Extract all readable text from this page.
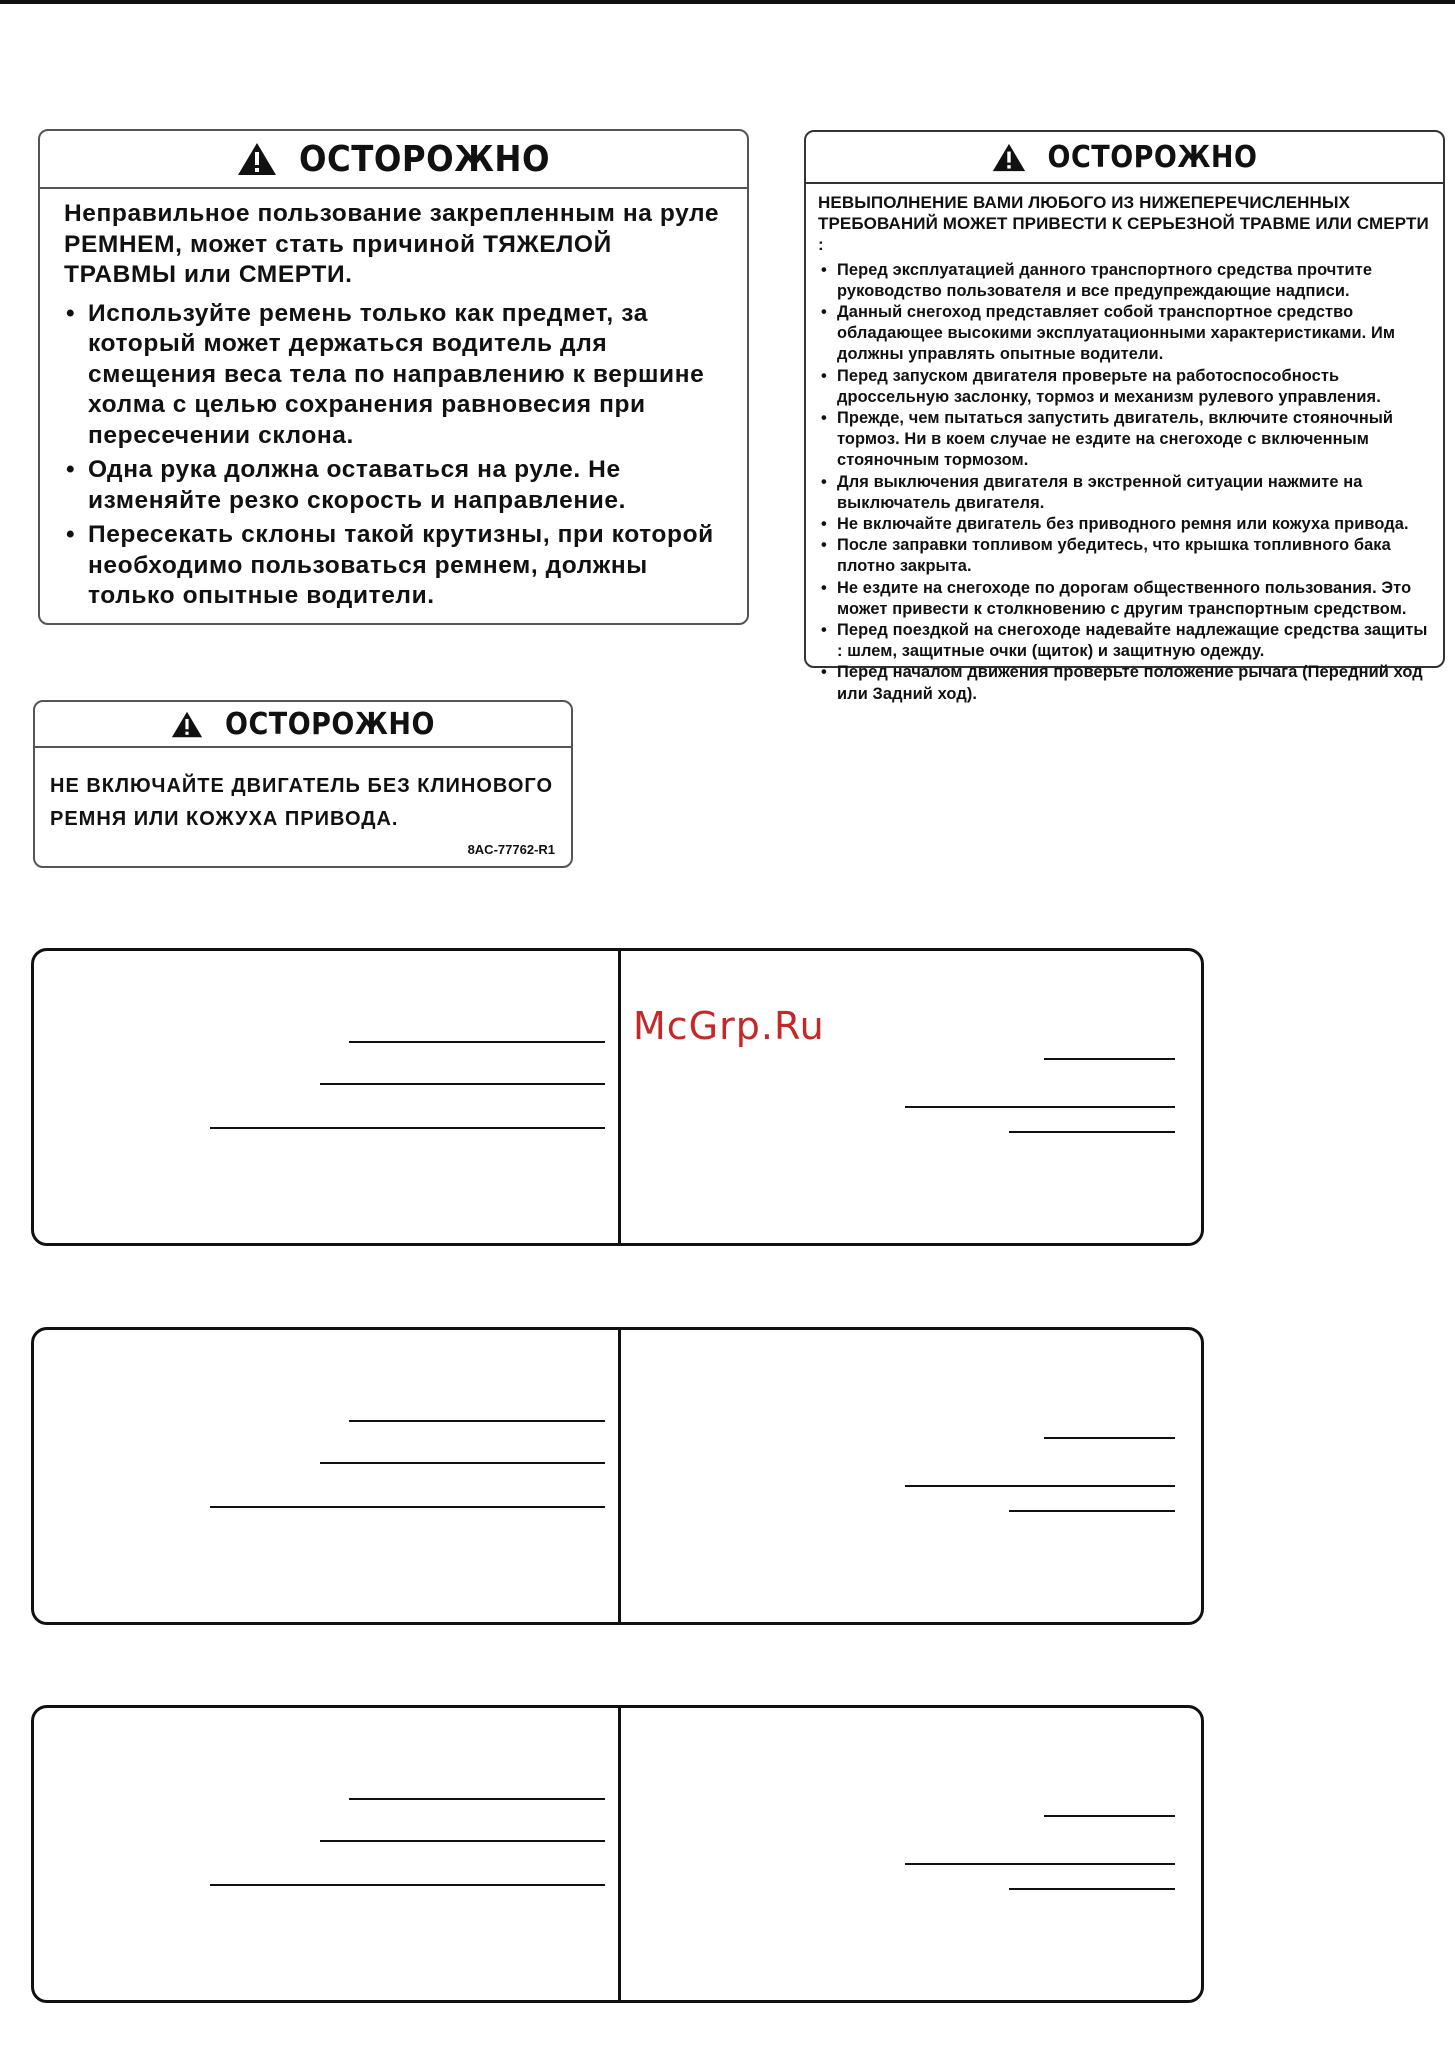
ОСТОРОЖНО
Неправильное пользование закрепленным на руле РЕМНЕМ, может стать причиной ТЯЖЕЛОЙ ТРАВМЫ или СМЕРТИ.
• Используйте ремень только как предмет, за который может держаться водитель для смещения веса тела по направлению к вершине холма с целью сохранения равновесия при пересечении склона.
• Одна рука должна оставаться на руле. Не изменяйте резко скорость и направление.
• Пересекать склоны такой крутизны, при которой необходимо пользоваться ремнем, должны только опытные водители.
ОСТОРОЖНО
НЕВЫПОЛНЕНИЕ ВАМИ ЛЮБОГО ИЗ НИЖЕПЕРЕЧИСЛЕННЫХ ТРЕБОВАНИЙ МОЖЕТ ПРИВЕСТИ К СЕРЬЕЗНОЙ ТРАВМЕ ИЛИ СМЕРТИ :
• Перед эксплуатацией данного транспортного средства прочтите руководство пользователя и все предупреждающие надписи.
• Данный снегоход представляет собой транспортное средство обладающее высокими эксплуатационными характеристиками. Им должны управлять опытные водители.
• Перед запуском двигателя проверьте на работоспособность дроссельную заслонку, тормоз и механизм рулевого управления.
• Прежде, чем пытаться запустить двигатель, включите стояночный тормоз. Ни в коем случае не ездите на снегоходе с включенным стояночным тормозом.
• Для выключения двигателя в экстренной ситуации нажмите на выключатель двигателя.
• Не включайте двигатель без приводного ремня или кожуха привода.
• После заправки топливом убедитесь, что крышка топливного бака плотно закрыта.
• Не ездите на снегоходе по дорогам общественного пользования. Это может привести к столкновению с другим транспортным средством.
• Перед поездкой на снегоходе надевайте надлежащие средства защиты : шлем, защитные очки (щиток) и защитную одежду.
• Перед началом движения проверьте положение рычага (Передний ход или Задний ход).
ОСТОРОЖНО
НЕ ВКЛЮЧАЙТЕ ДВИГАТЕЛЬ БЕЗ КЛИНОВОГО
РЕМНЯ ИЛИ КОЖУХА ПРИВОДА.
8AC-77762-R1
McGrp.Ru
